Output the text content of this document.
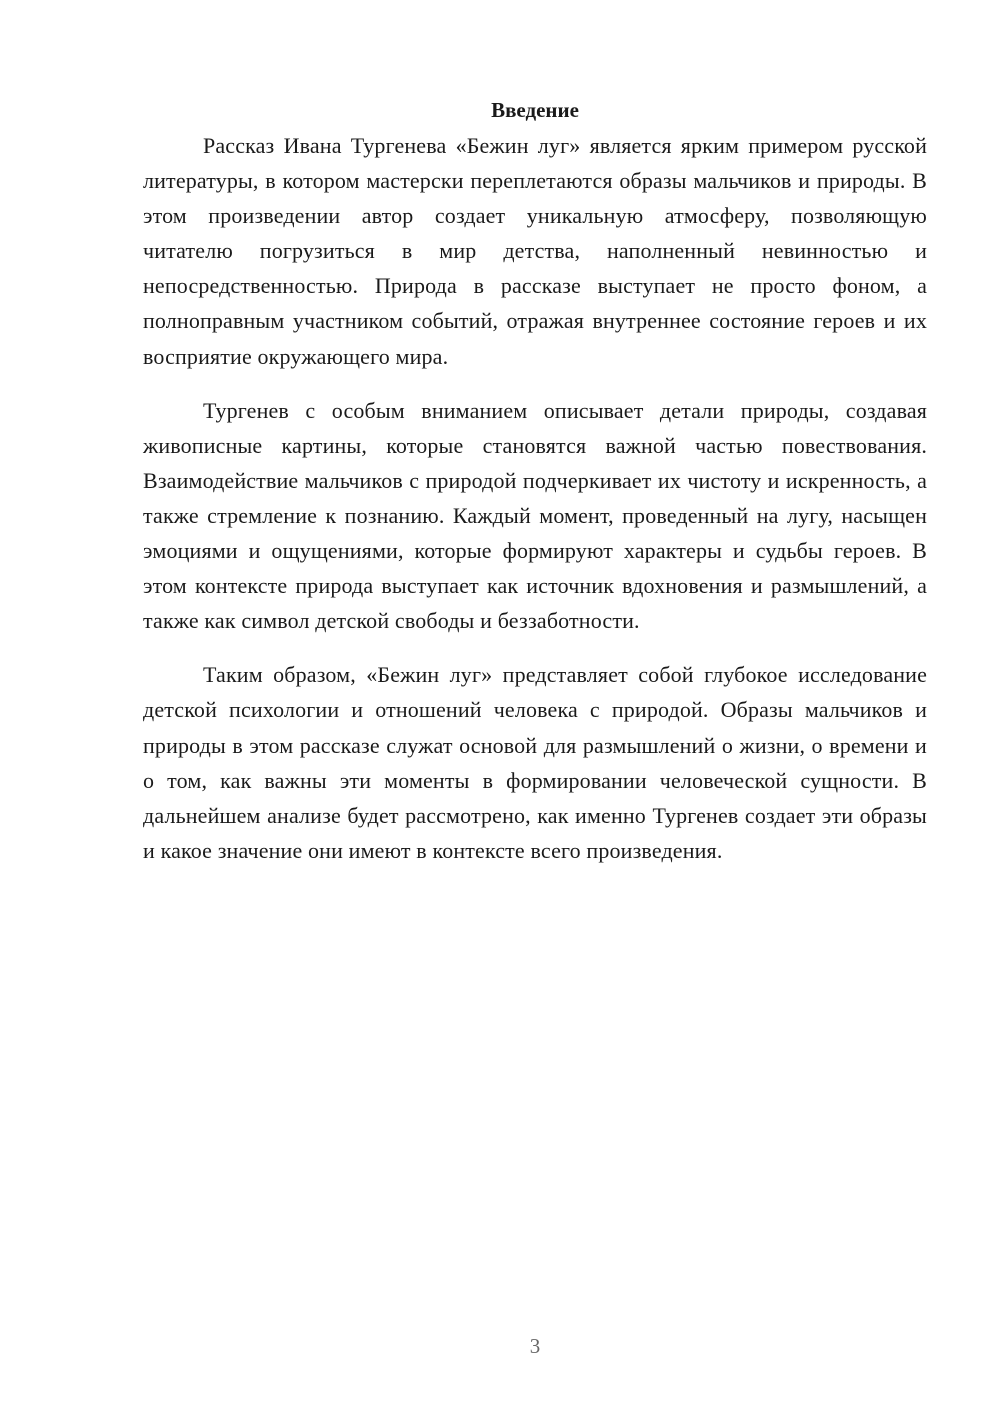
Введение

Рассказ Ивана Тургенева «Бежин луг» является ярким примером русской литературы, в котором мастерски переплетаются образы мальчиков и природы. В этом произведении автор создает уникальную атмосферу, позволяющую читателю погрузиться в мир детства, наполненный невинностью и непосредственностью. Природа в рассказе выступает не просто фоном, а полноправным участником событий, отражая внутреннее состояние героев и их восприятие окружающего мира.

Тургенев с особым вниманием описывает детали природы, создавая живописные картины, которые становятся важной частью повествования. Взаимодействие мальчиков с природой подчеркивает их чистоту и искренность, а также стремление к познанию. Каждый момент, проведенный на лугу, насыщен эмоциями и ощущениями, которые формируют характеры и судьбы героев. В этом контексте природа выступает как источник вдохновения и размышлений, а также как символ детской свободы и беззаботности.

Таким образом, «Бежин луг» представляет собой глубокое исследование детской психологии и отношений человека с природой. Образы мальчиков и природы в этом рассказе служат основой для размышлений о жизни, о времени и о том, как важны эти моменты в формировании человеческой сущности. В дальнейшем анализе будет рассмотрено, как именно Тургенев создает эти образы и какое значение они имеют в контексте всего произведения.

3
